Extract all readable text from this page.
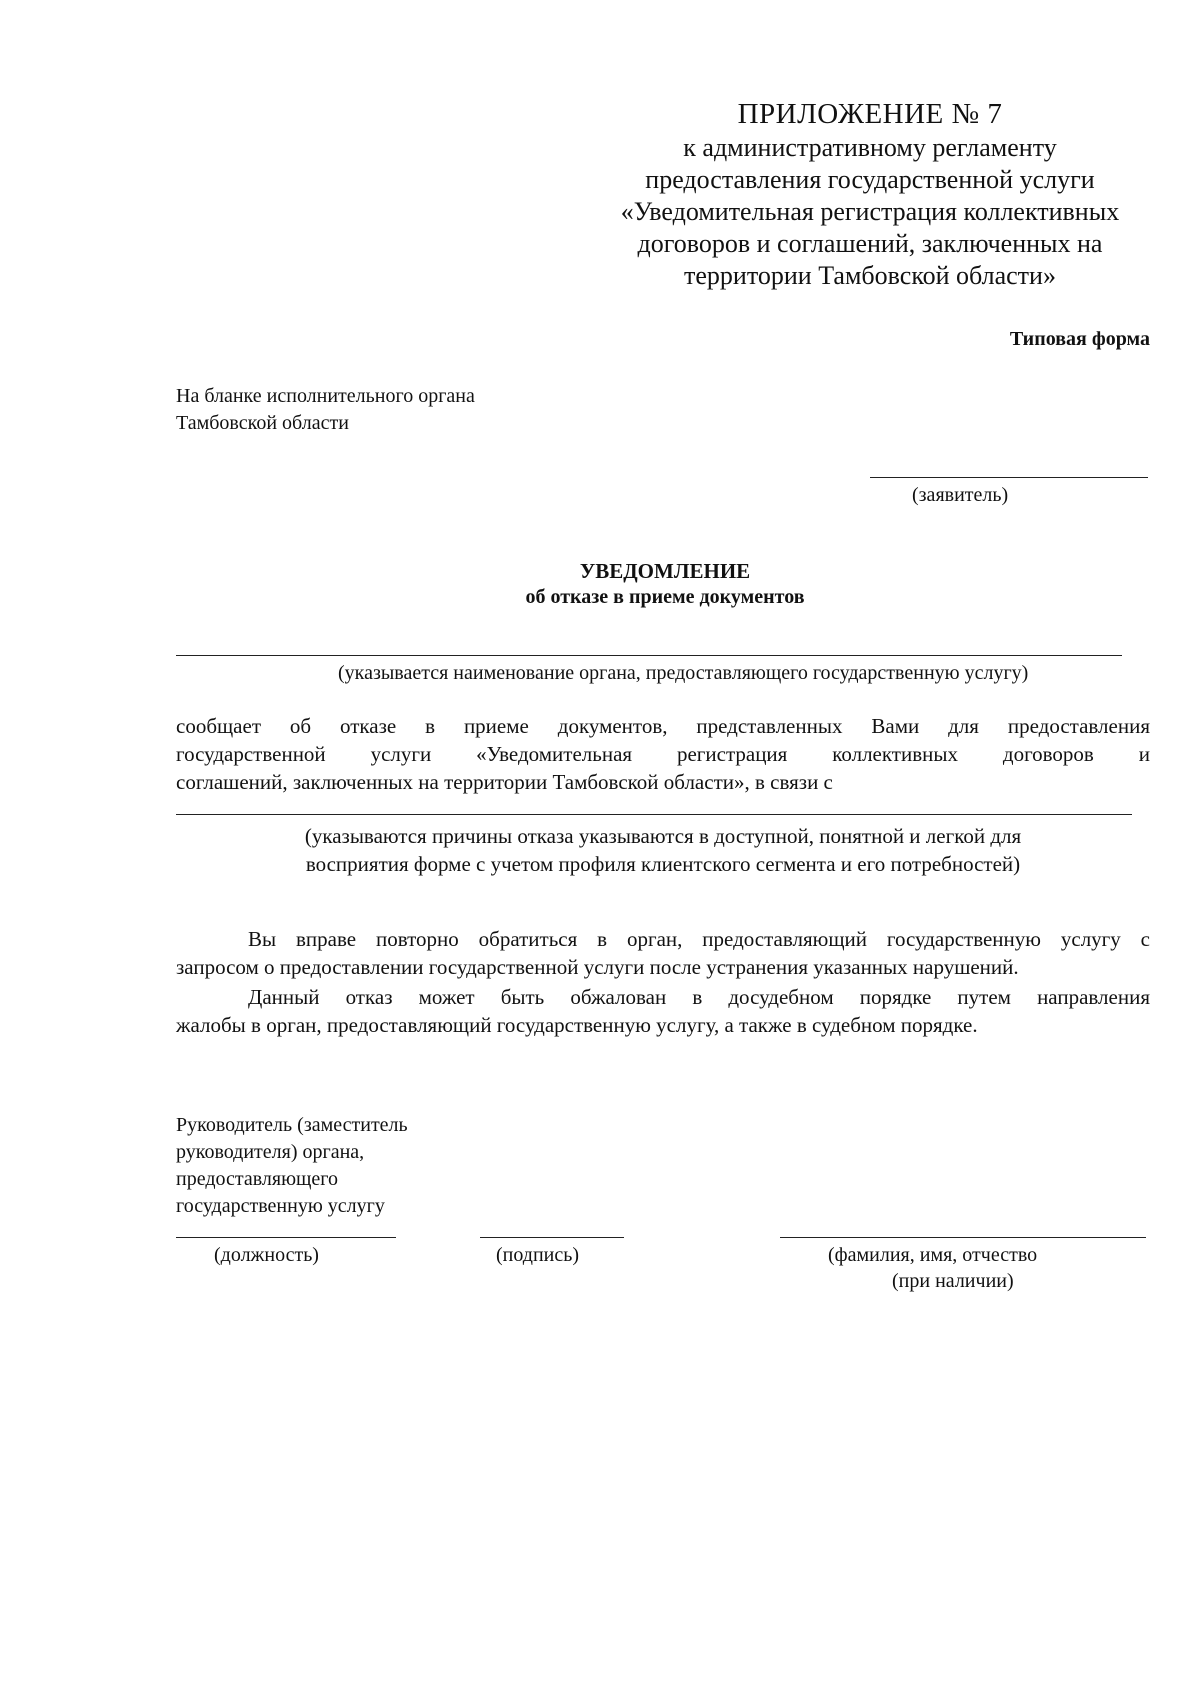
ПРИЛОЖЕНИЕ № 7
к административному регламенту
предоставления государственной услуги
«Уведомительная регистрация коллективных
договоров и соглашений, заключенных на
территории Тамбовской области»
Типовая форма
На бланке исполнительного органа
Тамбовской области
(заявитель)
УВЕДОМЛЕНИЕ
об отказе в приеме документов
(указывается наименование органа, предоставляющего государственную услугу)
сообщает об отказе в приеме документов, представленных Вами для предоставления
государственной услуги «Уведомительная регистрация коллективных договоров и
соглашений, заключенных на территории Тамбовской области», в связи с
(указываются причины отказа указываются в доступной, понятной и легкой для
восприятия форме с учетом профиля клиентского сегмента и его потребностей)
Вы вправе повторно обратиться в орган, предоставляющий государственную услугу с
запросом о предоставлении государственной услуги после устранения указанных нарушений.
Данный отказ может быть обжалован в досудебном порядке путем направления
жалобы в орган, предоставляющий государственную услугу, а также в судебном порядке.
Руководитель (заместитель
руководителя) органа,
предоставляющего
государственную услугу
(должность)	(подпись)	(фамилия, имя, отчество
(при наличии)
